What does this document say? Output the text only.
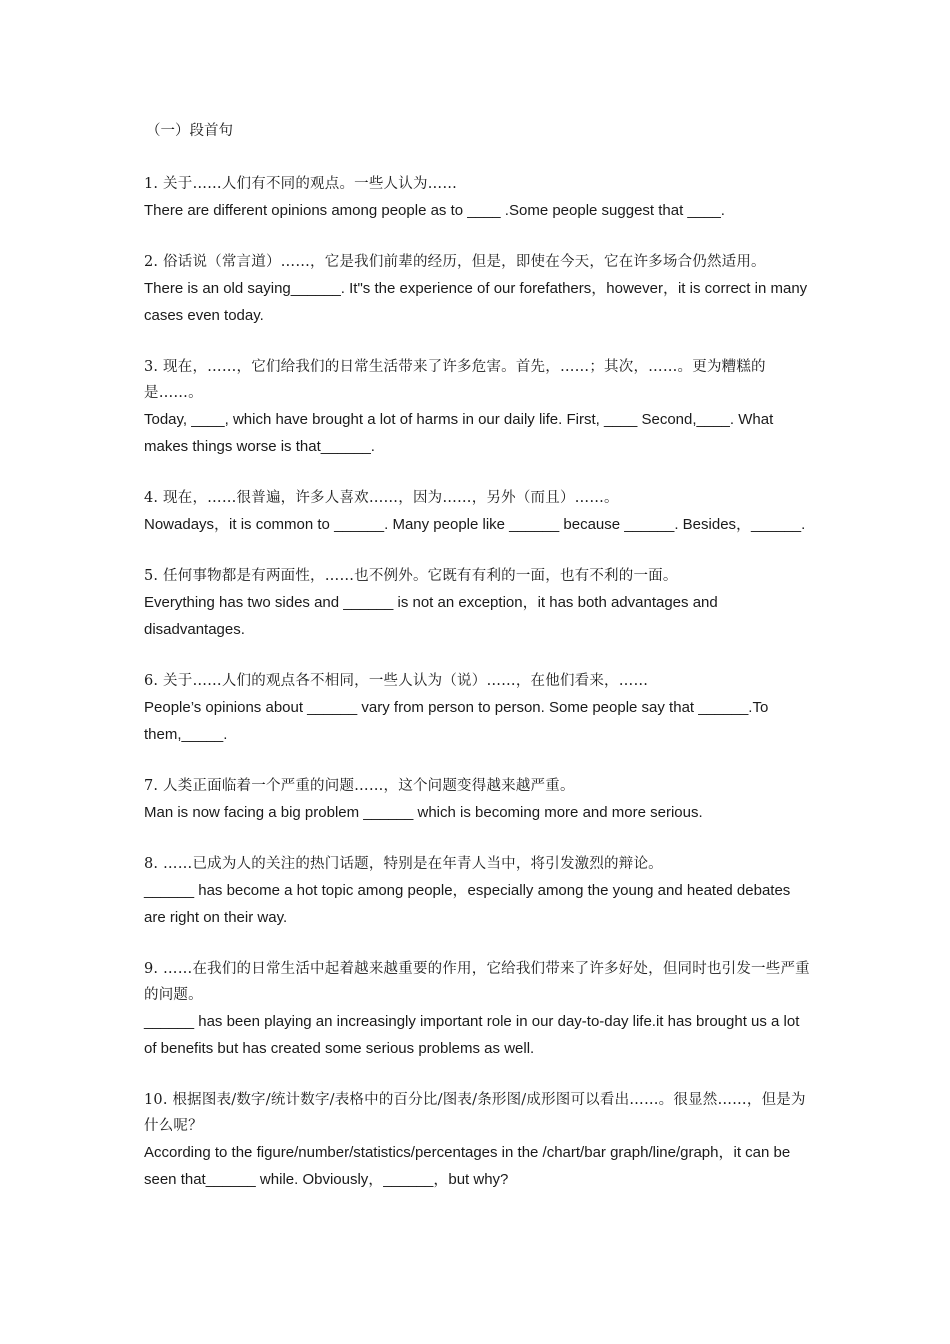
（一）段首句

1. 关于……人们有不同的观点。一些人认为……

There are different opinions among people as to ____ .Some people suggest that ____.

2. 俗话说（常言道）……，它是我们前辈的经历，但是，即使在今天，它在许多场合仍然适用。

There is an old saying______. It"s the experience of our forefathers，however，it is correct in many cases even today.

3. 现在，……，它们给我们的日常生活带来了许多危害。首先，……；其次，……。更为糟糕的是……。

Today, ____, which have brought a lot of harms in our daily life. First, ____ Second,____. What makes things worse is that______.

4. 现在，……很普遍，许多人喜欢……，因为……，另外（而且）……。

Nowadays，it is common to ______. Many people like ______ because ______. Besides，______.

5. 任何事物都是有两面性，……也不例外。它既有有利的一面，也有不利的一面。

Everything has two sides and ______ is not an exception，it has both advantages and disadvantages.

6. 关于……人们的观点各不相同，一些人认为（说）……，在他们看来，……

People’s opinions about ______ vary from person to person. Some people say that ______.To them,_____.

7. 人类正面临着一个严重的问题……，这个问题变得越来越严重。

Man is now facing a big problem ______ which is becoming more and more serious.

8. ……已成为人的关注的热门话题，特别是在年青人当中，将引发激烈的辩论。

______ has become a hot topic among people，especially among the young and heated debates are right on their way.

9. ……在我们的日常生活中起着越来越重要的作用，它给我们带来了许多好处，但同时也引发一些严重的问题。

______ has been playing an increasingly important role in our day-to-day life.it has brought us a lot of benefits but has created some serious problems as well.

10. 根据图表/数字/统计数字/表格中的百分比/图表/条形图/成形图可以看出……。很显然……，但是为什么呢？

According to the figure/number/statistics/percentages in the /chart/bar graph/line/graph，it can be seen that______ while. Obviously，______，but why?
